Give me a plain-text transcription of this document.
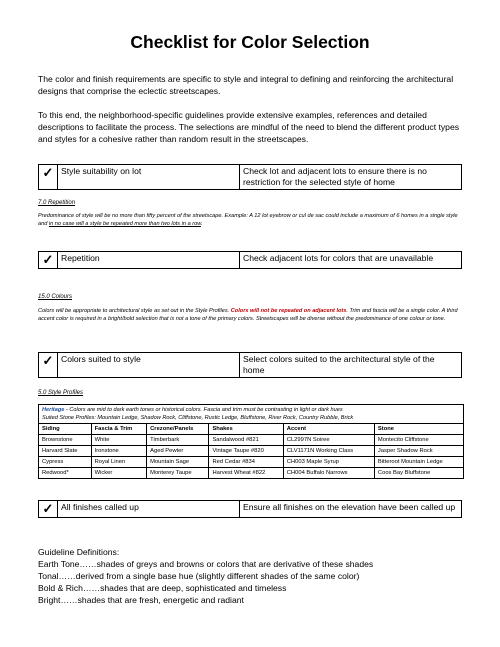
Checklist for Color Selection
The color and finish requirements are specific to style and integral to defining and reinforcing the architectural designs that comprise the eclectic streetscapes.
To this end, the neighborhood-specific guidelines provide extensive examples, references and detailed descriptions to facilitate the process. The selections are mindful of the need to blend the different product types and styles for a cohesive rather than random result in the streetscapes.
✓	Style suitability on lot	Check lot and adjacent lots to ensure there is no restriction for the selected style of home
7.0 Repetition
Predominance of style will be no more than fifty percent of the streetscape. Example: A 12 lot eyebrow or cul de sac could include a maximum of 6 homes in a single style and in no case will a style be repeated more than two lots in a row.
✓	Repetition	Check adjacent lots for colors that are unavailable
15.0 Colours
Colors will be appropriate to architectural style as set out in the Style Profiles. Colors will not be repeated on adjacent lots. Trim and fascia will be a single color. A third accent color is required in a bright/bold selection that is not a tone of the primary colors. Streetscapes will be diverse without the predominance of one colour or tone.
✓	Colors suited to style	Select colors suited to the architectural style of the home
5.0 Style Profiles
Heritage - Colors are mid to dark earth tones or historical colors. Fascia and trim must be contrasting in light or dark hues
Suited Stone Profiles: Mountain Ledge, Shadow Rock, Cliffstone, Rustic Ledge, Bluffstone, River Rock, Country Rubble, Brick
Siding	Fascia & Trim	Crezone/Panels	Shakes	Accent	Stone
Brownstone	White	Timberbark	Sandalwood #821	CL2997N Soiree	Montecito Cliffstone
Harvard Slate	Ironstone	Aged Pewter	Vintage Taupe #820	CLV1171N Working Class	Jasper Shadow Rock
Cypress	Royal Linen	Mountain Sage	Red Cedar #834	CH003 Maple Syrup	Bitteroot Mountain Ledge
Redwood*	Wicker	Monterey Taupe	Harvest Wheat #822	CH004 Buffalo Narrows	Coos Bay Bluffstone
✓	All finishes called up	Ensure all finishes on the elevation have been called up
Guideline Definitions:
Earth Tone……shades of greys and browns or colors that are derivative of these shades
Tonal……derived from a single base hue (slightly different shades of the same color)
Bold & Rich……shades that are deep, sophisticated and timeless
Bright……shades that are fresh, energetic and radiant
